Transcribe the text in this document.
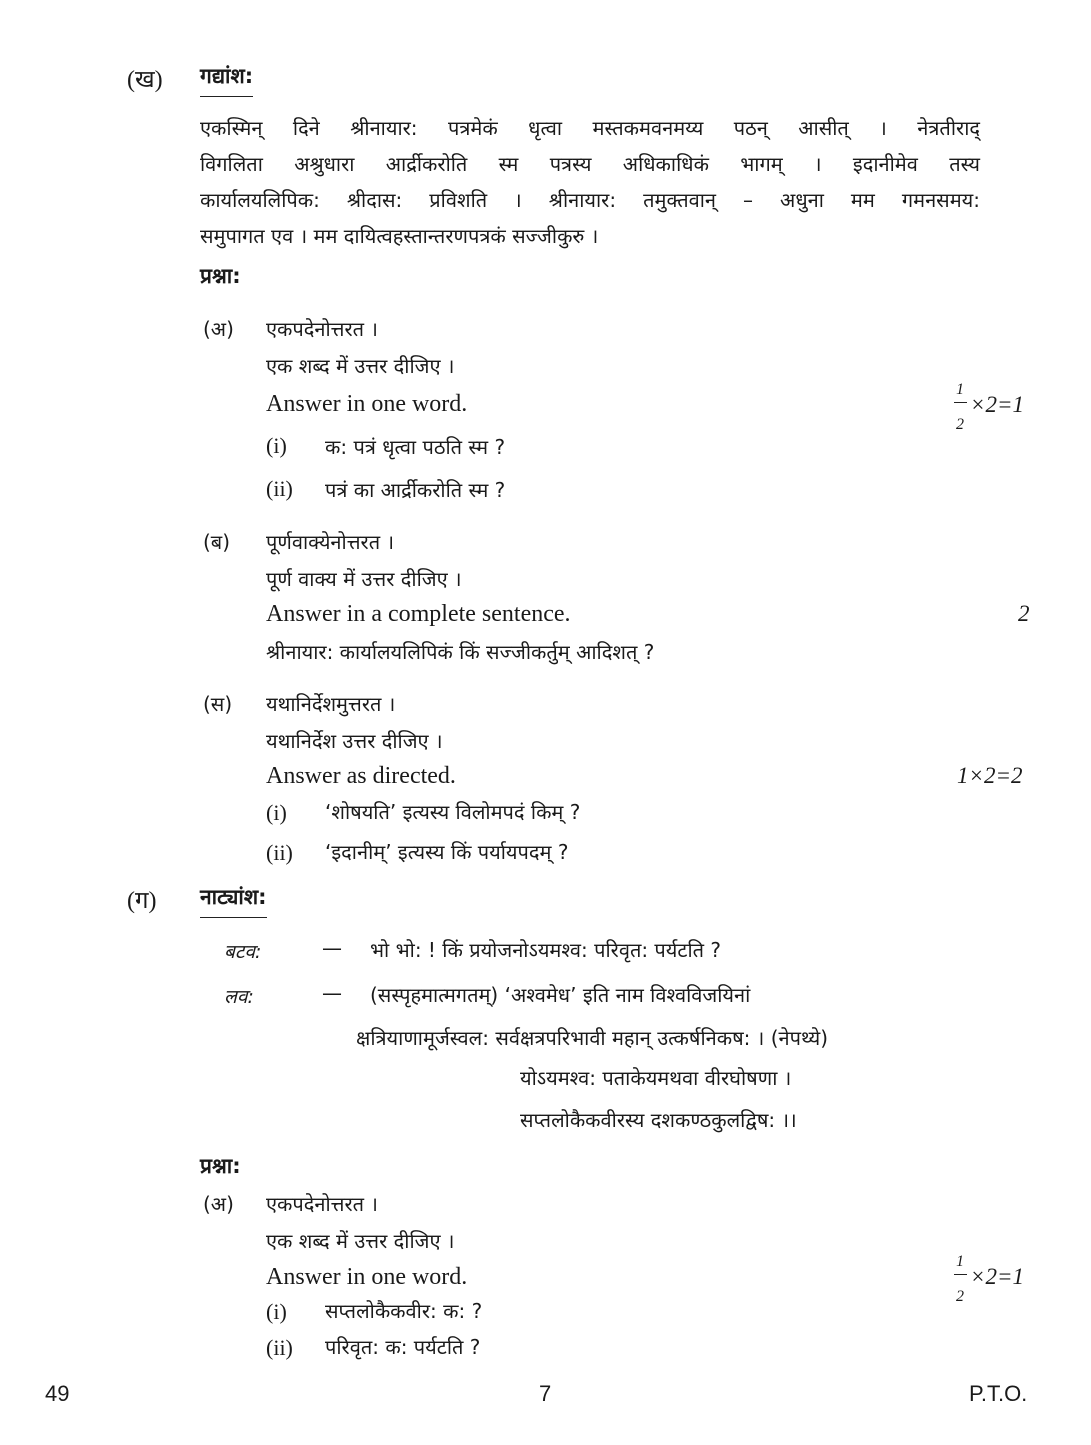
(ख) गद्यांश:
एकस्मिन् दिने श्रीनायार: पत्रमेकं धृत्वा मस्तकमवनमय्य पठन् आसीत् । नेत्रतीराद्
विगलिता अश्रुधारा आर्द्रीकरोति स्म पत्रस्य अधिकाधिकं भागम् । इदानीमेव तस्य
कार्यालयलिपिक: श्रीदास: प्रविशति । श्रीनायार: तमुक्तवान् – अधुना मम गमनसमय:
समुपागत एव । मम दायित्वहस्तान्तरणपत्रकं सज्जीकुरु ।
प्रश्ना:
(अ) एकपदेनोत्तरत ।
एक शब्द में उत्तर दीजिए ।
Answer in one word.
1
2
×2=1
(i) क: पत्रं धृत्वा पठति स्म ?
(ii) पत्रं का आर्द्रीकरोति स्म ?
(ब) पूर्णवाक्येनोत्तरत ।
पूर्ण वाक्य में उत्तर दीजिए ।
Answer in a complete sentence.	2
श्रीनायार: कार्यालयलिपिकं किं सज्जीकर्तुम् आदिशत् ?
(स) यथानिर्देशमुत्तरत ।
यथानिर्देश उत्तर दीजिए ।
Answer as directed.	1×2=2
(i) ‘शोषयति’ इत्यस्य विलोमपदं किम् ?
(ii) ‘इदानीम्’ इत्यस्य किं पर्यायपदम् ?
(ग) नाट्यांश:
बटव:	— भो भो: ! किं प्रयोजनोऽयमश्व: परिवृत: पर्यटति ?
लव:	— (सस्पृहमात्मगतम्) ‘अश्वमेध’ इति नाम विश्वविजयिनां
क्षत्रियाणामूर्जस्वल: सर्वक्षत्रपरिभावी महान् उत्कर्षनिकष: । (नेपथ्ये)
योऽयमश्व: पताकेयमथवा वीरघोषणा ।
सप्तलोकैकवीरस्य दशकण्ठकुलद्विष: ।।
प्रश्ना:
(अ) एकपदेनोत्तरत ।
एक शब्द में उत्तर दीजिए ।
Answer in one word.
1
2
×2=1
(i) सप्तलोकैकवीर: क: ?
(ii) परिवृत: क: पर्यटति ?
49	7	P.T.O.
